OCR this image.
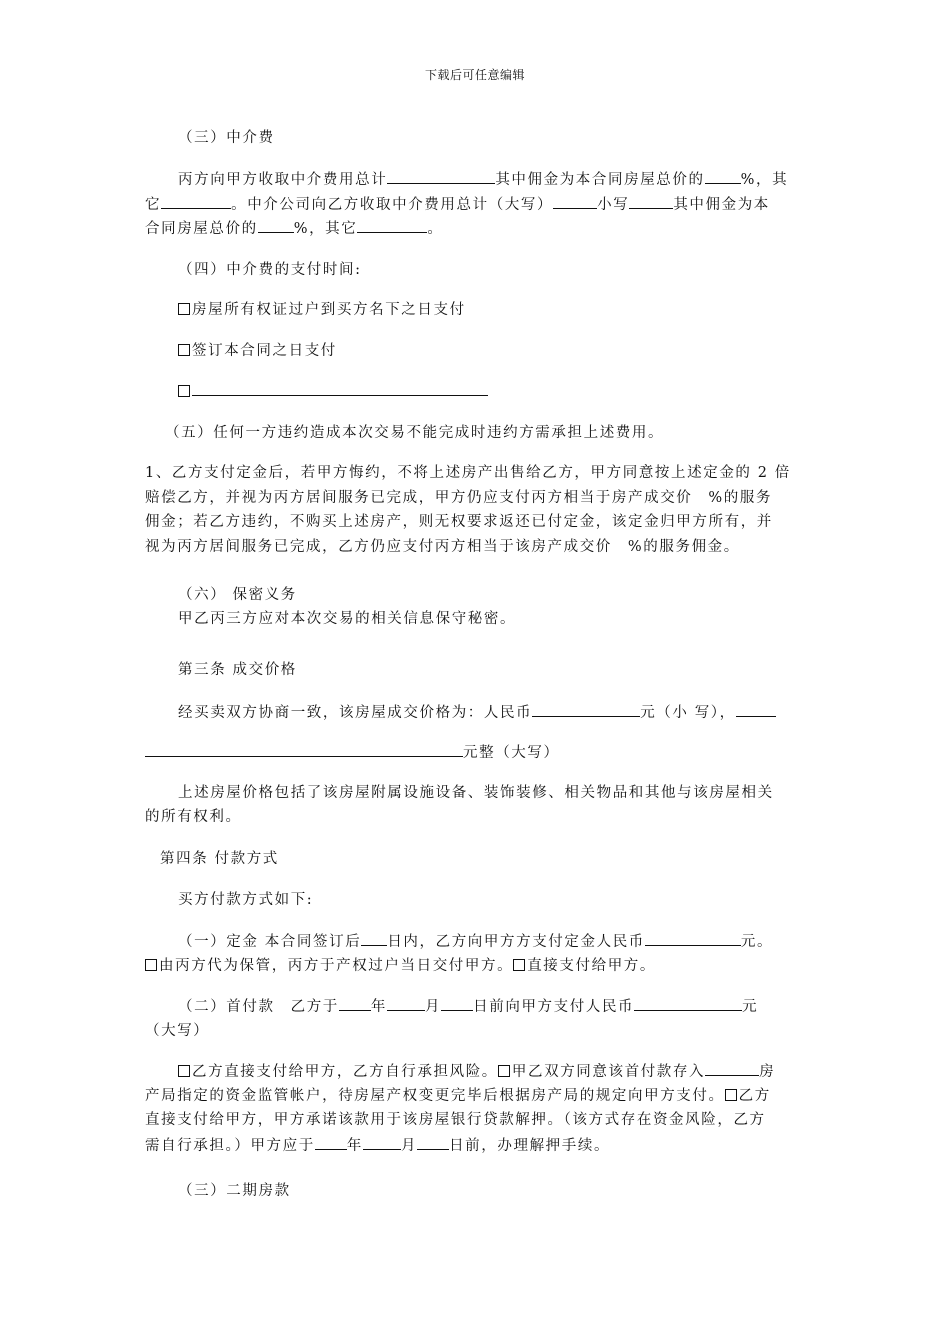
下载后可任意编辑
（三）中介费
丙方向甲方收取中介费用总计	其中佣金为本合同房屋总价的 %，其
它	。中介公司向乙方收取中介费用总计（大写）	小写	其中佣金为本
合同房屋总价的 %，其它	。
（四）中介费的支付时间:
房屋所有权证过户到买方名下之日支付
签订本合同之日支付
（五）任何一方违约造成本次交易不能完成时违约方需承担上述费用。
1、乙方支付定金后，若甲方悔约，不将上述房产出售给乙方，甲方同意按上述定金的 2 倍
赔偿乙方，并视为丙方居间服务已完成，甲方仍应支付丙方相当于房产成交价 %的服务
佣金；若乙方违约，不购买上述房产，则无权要求返还已付定金，该定金归甲方所有，并
视为丙方居间服务已完成，乙方仍应支付丙方相当于该房产成交价 %的服务佣金。
（六） 保密义务
甲乙丙三方应对本次交易的相关信息保守秘密。
第三条 成交价格
经买卖双方协商一致，该房屋成交价格为：人民币	元（小 写），
元整（大写）
上述房屋价格包括了该房屋附属设施设备、装饰装修、相关物品和其他与该房屋相关
的所有权利。
第四条 付款方式
买方付款方式如下:
（一）定金 本合同签订后 日内，乙方向甲方方支付定金人民币	元。
由丙方代为保管，丙方于产权过户当日交付甲方。 直接支付给甲方。
（二）首付款 乙方于 年	月 日前向甲方支付人民币	元
（大写）
乙方直接支付给甲方，乙方自行承担风险。 甲乙双方同意该首付款存入	房
产局指定的资金监管帐户，待房屋产权变更完毕后根据房产局的规定向甲方支付。 乙方
直接支付给甲方，甲方承诺该款用于该房屋银行贷款解押。（该方式存在资金风险，乙方
需自行承担。）甲方应于 年	月 日前，办理解押手续。
（三）二期房款
